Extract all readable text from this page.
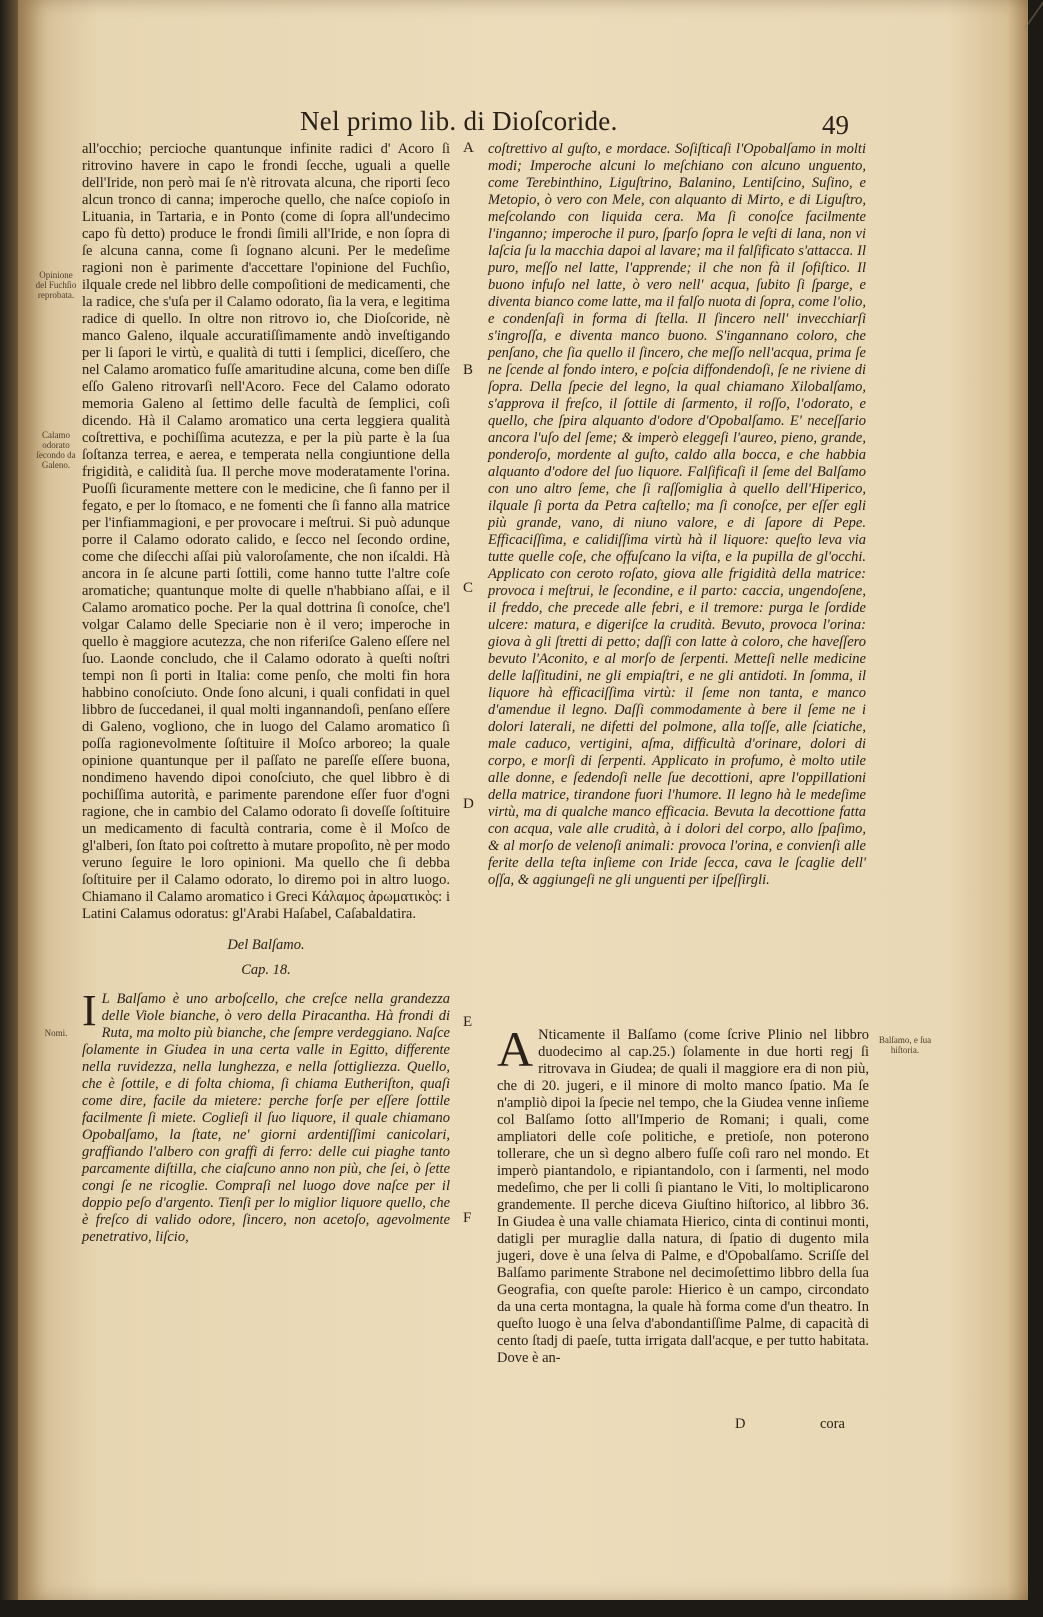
Nel primo lib. di Dioſcoride.	49

all'occhio; percioche quantunque infinite radici d' Acoro ſi ritrovino havere in capo le frondi ſecche, uguali a quelle dell'Iride, non però mai ſe n'è ritrovata alcuna, che riporti ſeco alcun tronco di canna; imperoche quello, che naſce copioſo in Lituania, in Tartaria, e in Ponto (come di ſopra all'undecimo capo fù detto) produce le frondi ſimili all'Iride, e non ſopra di ſe alcuna canna, come ſi ſognano alcuni. Per le medeſime ragioni non è parimente d'accettare l'opinione del Fuchſio, ilquale crede nel libbro delle compoſitioni de medicamenti, che la radice, che s'uſa per il Calamo odorato, ſia la vera, e legitima radice di quello. In oltre non ritrovo io, che Dioſcoride, nè manco Galeno, ilquale accuratiſſimamente andò inveſtigando per li ſapori le virtù, e qualità di tutti i ſemplici, diceſſero, che nel Calamo aromatico fuſſe amaritudine alcuna, come ben diſſe eſſo Galeno ritrovarſi nell'Acoro. Fece del Calamo odorato memoria Galeno al ſettimo delle facultà de ſemplici, coſi dicendo. Hà il Calamo aromatico una certa leggiera qualità coſtrettiva, e pochiſſima acutezza, e per la più parte è la ſua ſoſtanza terrea, e aerea, e temperata nella congiuntione della frigidità, e calidità ſua. Il perche move moderatamente l'orina. Puoſſi ſicuramente mettere con le medicine, che ſi fanno per il fegato, e per lo ſtomaco, e ne fomenti che ſi fanno alla matrice per l'infiammagioni, e per provocare i meſtrui. Si può adunque porre il Calamo odorato calido, e ſecco nel ſecondo ordine, come che diſecchi aſſai più valoroſamente, che non iſcaldi. Hà ancora in ſe alcune parti ſottili, come hanno tutte l'altre coſe aromatiche; quantunque molte di quelle n'habbiano aſſai, e il Calamo aromatico poche. Per la qual dottrina ſi conoſce, che'l volgar Calamo delle Speciarie non è il vero; imperoche in quello è maggiore acutezza, che non riferiſce Galeno eſſere nel ſuo. Laonde concludo, che il Calamo odorato à queſti noſtri tempi non ſi porti in Italia: come penſo, che molti fin hora habbino conoſciuto. Onde ſono alcuni, i quali confidati in quel libbro de ſuccedanei, il qual molti ingannandoſi, penſano eſſere di Galeno, vogliono, che in luogo del Calamo aromatico ſi poſſa ragionevolmente ſoſtituire il Moſco arboreo; la quale opinione quantunque per il paſſato ne pareſſe eſſere buona, nondimeno havendo dipoi conoſciuto, che quel libbro è di pochiſſima autorità, e parimente parendone eſſer fuor d'ogni ragione, che in cambio del Calamo odorato ſi doveſſe ſoſtituire un medicamento di facultà contraria, come è il Moſco de gl'alberi, ſon ſtato poi coſtretto à mutare propoſito, nè per modo veruno ſeguire le loro opinioni. Ma quello che ſi debba ſoſtituire per il Calamo odorato, lo diremo poi in altro luogo. Chiamano il Calamo aromatico i Greci Κάλαμος ἀρωματικὸς: i Latini Calamus odoratus: gl'Arabi Haſabel, Caſabaldatira.

Del Balſamo.
Cap. 18.

I L Balſamo è uno arboſcello, che creſce nella grandezza delle Viole bianche, ò vero della Piracantha. Hà frondi di Ruta, ma molto più bianche, che ſempre verdeggiano. Naſce ſolamente in Giudea in una certa valle in Egitto, differente nella ruvidezza, nella lunghezza, e nella ſottigliezza. Quello, che è ſottile, e di folta chioma, ſi chiama Eutheriſton, quaſi come dire, facile da mietere: perche forſe per eſſere ſottile facilmente ſi miete. Coglieſi il ſuo liquore, il quale chiamano Opobalſamo, la ſtate, ne' giorni ardentiſſimi canicolari, graffiando l'albero con graffi di ferro: delle cui piaghe tanto parcamente diſtilla, che ciaſcuno anno non più, che ſei, ò ſette congi ſe ne ricoglie. Compraſi nel luogo dove naſce per il doppio peſo d'argento. Tienſi per lo miglior liquore quello, che è freſco di valido odore, ſincero, non acetoſo, agevolmente penetrativo, liſcio,

coſtrettivo al guſto, e mordace. Soſiſticaſi l'Opobalſamo in molti modi; Imperoche alcuni lo meſchiano con alcuno unguento, come Terebinthino, Liguſtrino, Balanino, Lentiſcino, Suſino, e Metopio, ò vero con Mele, con alquanto di Mirto, e di Liguſtro, meſcolando con liquida cera. Ma ſi conoſce facilmente l'inganno; imperoche il puro, ſparſo ſopra le veſti di lana, non vi laſcia ſu la macchia dapoi al lavare; ma il falſificato s'attacca. Il puro, meſſo nel latte, l'apprende; il che non fà il ſofiſtico. Il buono infuſo nel latte, ò vero nell' acqua, ſubito ſi ſparge, e diventa bianco come latte, ma il falſo nuota di ſopra, come l'olio, e condenſaſi in forma di ſtella. Il ſincero nell' invecchiarſi s'ingroſſa, e diventa manco buono. S'ingannano coloro, che penſano, che ſia quello il ſincero, che meſſo nell'acqua, prima ſe ne ſcende al fondo intero, e poſcia diffondendoſi, ſe ne riviene di ſopra. Della ſpecie del legno, la qual chiamano Xilobalſamo, s'approva il freſco, il ſottile di ſarmento, il roſſo, l'odorato, e quello, che ſpira alquanto d'odore d'Opobalſamo. E' neceſſario ancora l'uſo del ſeme; & imperò eleggeſi l'aureo, pieno, grande, ponderoſo, mordente al guſto, caldo alla bocca, e che habbia alquanto d'odore del ſuo liquore. Falſificaſi il ſeme del Balſamo con uno altro ſeme, che ſi raſſomiglia à quello dell'Hiperico, ilquale ſi porta da Petra caſtello; ma ſi conoſce, per eſſer egli più grande, vano, di niuno valore, e di ſapore di Pepe. Efficaciſſima, e calidiſſima virtù hà il liquore: queſto leva via tutte quelle coſe, che offuſcano la viſta, e la pupilla de gl'occhi. Applicato con ceroto roſato, giova alle frigidità della matrice: provoca i meſtrui, le ſecondine, e il parto: caccia, ungendoſene, il freddo, che precede alle febri, e il tremore: purga le ſordide ulcere: matura, e digeriſce la crudità. Bevuto, provoca l'orina: giova à gli ſtretti di petto; daſſi con latte à coloro, che haveſſero bevuto l'Aconito, e al morſo de ſerpenti. Metteſi nelle medicine delle laſſitudini, ne gli empiaſtri, e ne gli antidoti. In ſomma, il liquore hà efficaciſſima virtù: il ſeme non tanta, e manco d'amendue il legno. Daſſi commodamente à bere il ſeme ne i dolori laterali, ne difetti del polmone, alla toſſe, alle ſciatiche, male caduco, vertigini, aſma, difficultà d'orinare, dolori di corpo, e morſi di ſerpenti. Applicato in profumo, è molto utile alle donne, e ſedendoſi nelle ſue decottioni, apre l'oppillationi della matrice, tirandone fuori l'humore. Il legno hà le medeſime virtù, ma di qualche manco efficacia. Bevuta la decottione fatta con acqua, vale alle crudità, à i dolori del corpo, allo ſpaſimo, & al morſo de velenoſi animali: provoca l'orina, e convienſi alle ferite della teſta inſieme con Iride ſecca, cava le ſcaglie dell' oſſa, & aggiungeſi ne gli unguenti per iſpeſſirgli.

A Nticamente il Balſamo (come ſcrive Plinio nel libbro duodecimo al cap.25.) ſolamente in due horti regj ſi ritrovava in Giudea; de quali il maggiore era di non più, che di 20. jugeri, e il minore di molto manco ſpatio. Ma ſe n'ampliò dipoi la ſpecie nel tempo, che la Giudea venne inſieme col Balſamo ſotto all'Imperio de Romani; i quali, come ampliatori delle coſe politiche, e pretioſe, non poterono tollerare, che un sì degno albero fuſſe coſi raro nel mondo. Et imperò piantandolo, e ripiantandolo, con i ſarmenti, nel modo medeſimo, che per li colli ſi piantano le Viti, lo moltiplicarono grandemente. Il perche diceva Giuſtino hiſtorico, al libbro 36. In Giudea è una valle chiamata Hierico, cinta di continui monti, datigli per muraglie dalla natura, di ſpatio di dugento mila jugeri, dove è una ſelva di Palme, e d'Opobalſamo. Scriſſe del Balſamo parimente Strabone nel decimoſettimo libbro della ſua Geografia, con queſte parole: Hierico è un campo, circondato da una certa montagna, la quale hà forma come d'un theatro. In queſto luogo è una ſelva d'abondantiſſime Palme, di capacità di cento ſtadj di paeſe, tutta irrigata dall'acque, e per tutto habitata. Dove è an-

Opinione del Fuchſio reprobata.
Calamo odorato ſecondo da Galeno.
Nomi.
Balſamo, e ſua hiſtoria.
A
B
C
D
E
F
D	cora
